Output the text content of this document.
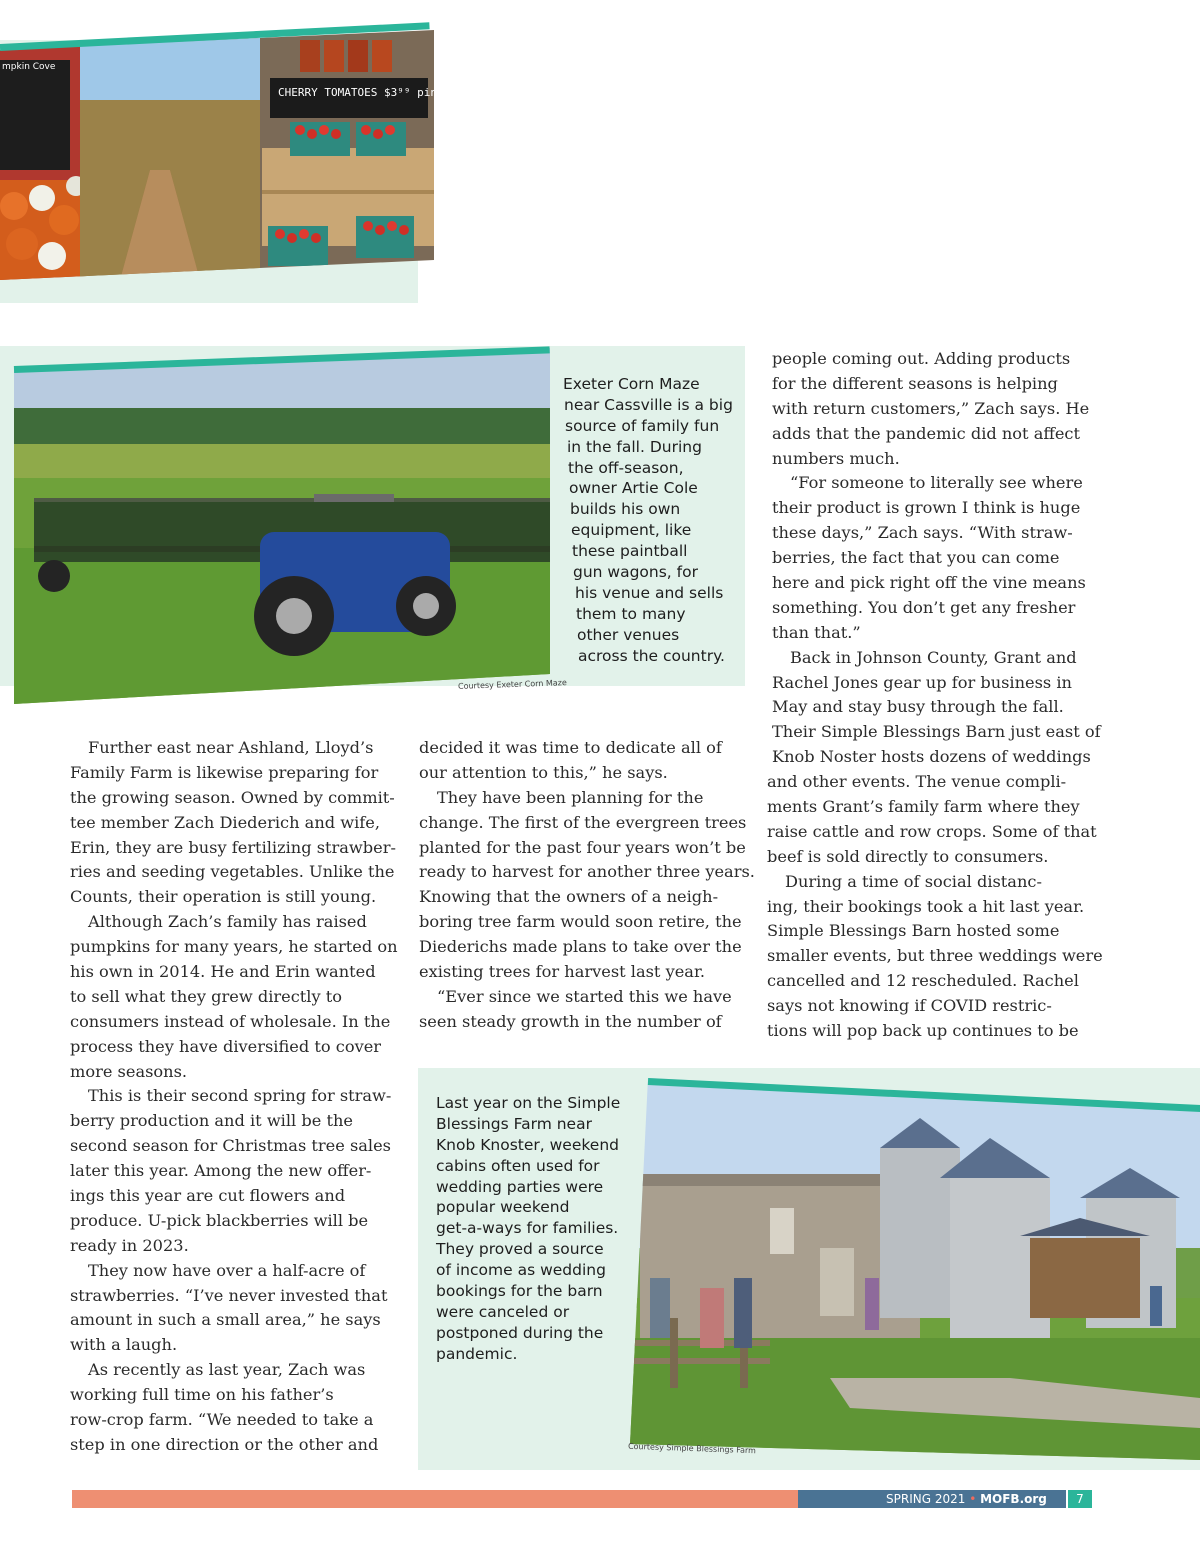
mpkin Cove
CHERRY TOMATOES $3⁹⁹ pint
Courtesy Exeter Corn Maze
Exeter Corn Maze
near Cassville is a big
source of family fun
in the fall. During
the off-season,
owner Artie Cole
builds his own
equipment, like
these paintball
gun wagons, for
his venue and sells
them to many
other venues
across the country.
Further east near Ashland, Lloyd’s
Family Farm is likewise preparing for
the growing season. Owned by commit-
tee member Zach Diederich and wife,
Erin, they are busy fertilizing strawber-
ries and seeding vegetables. Unlike the
Counts, their operation is still young.
Although Zach’s family has raised
pumpkins for many years, he started on
his own in 2014. He and Erin wanted
to sell what they grew directly to
consumers instead of wholesale. In the
process they have diversified to cover
more seasons.
This is their second spring for straw-
berry production and it will be the
second season for Christmas tree sales
later this year. Among the new offer-
ings this year are cut flowers and
produce. U-pick blackberries will be
ready in 2023.
They now have over a half-acre of
strawberries. “I’ve never invested that
amount in such a small area,” he says
with a laugh.
As recently as last year, Zach was
working full time on his father’s
row-crop farm. “We needed to take a
step in one direction or the other and
decided it was time to dedicate all of
our attention to this,” he says.
They have been planning for the
change. The first of the evergreen trees
planted for the past four years won’t be
ready to harvest for another three years.
Knowing that the owners of a neigh-
boring tree farm would soon retire, the
Diederichs made plans to take over the
existing trees for harvest last year.
“Ever since we started this we have
seen steady growth in the number of
people coming out. Adding products
for the different seasons is helping
with return customers,” Zach says. He
adds that the pandemic did not affect
numbers much.
“For someone to literally see where
their product is grown I think is huge
these days,” Zach says. “With straw-
berries, the fact that you can come
here and pick right off the vine means
something. You don’t get any fresher
than that.”
Back in Johnson County, Grant and
Rachel Jones gear up for business in
May and stay busy through the fall.
Their Simple Blessings Barn just east of
Knob Noster hosts dozens of weddings
and other events. The venue compli-
ments Grant’s family farm where they
raise cattle and row crops. Some of that
beef is sold directly to consumers.
During a time of social distanc-
ing, their bookings took a hit last year.
Simple Blessings Barn hosted some
smaller events, but three weddings were
cancelled and 12 rescheduled. Rachel
says not knowing if COVID restric-
tions will pop back up continues to be
Courtesy Simple Blessings Farm
Last year on the Simple
Blessings Farm near
Knob Knoster, weekend
cabins often used for
wedding parties were
popular weekend
get-a-ways for families.
They proved a source
of income as wedding
bookings for the barn
were canceled or
postponed during the
pandemic.
SPRING 2021 • MOFB.org	7
